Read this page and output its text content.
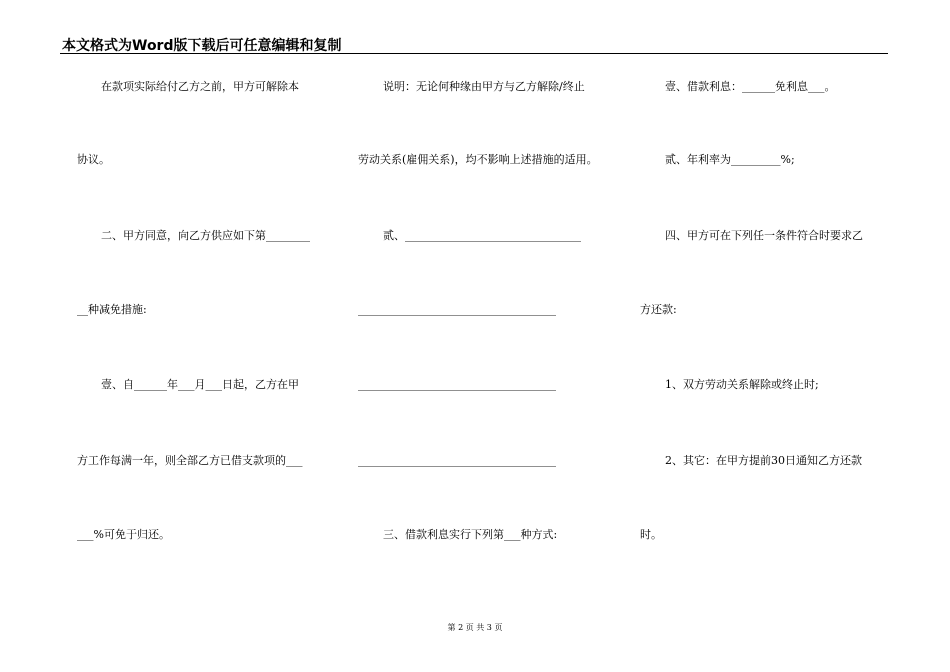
本文格式为Word版下载后可任意编辑和复制
在款项实际给付乙方之前，甲方可解除本
协议。
二、甲方同意，向乙方供应如下第________
__种减免措施:
壹、自______年___月___日起，乙方在甲
方工作每满一年，则全部乙方已借支款项的___
___%可免于归还。
说明：无论何种缘由甲方与乙方解除/终止
劳动关系(雇佣关系)，均不影响上述措施的适用。
贰、________________________________
____________________________________
____________________________________
____________________________________
三、借款利息实行下列第___种方式:
壹、借款利息：______免利息___。
贰、年利率为_________%;
四、甲方可在下列任一条件符合时要求乙
方还款:
1、双方劳动关系解除或终止时;
2、其它：在甲方提前30日通知乙方还款
时。
第 2 页 共 3 页
